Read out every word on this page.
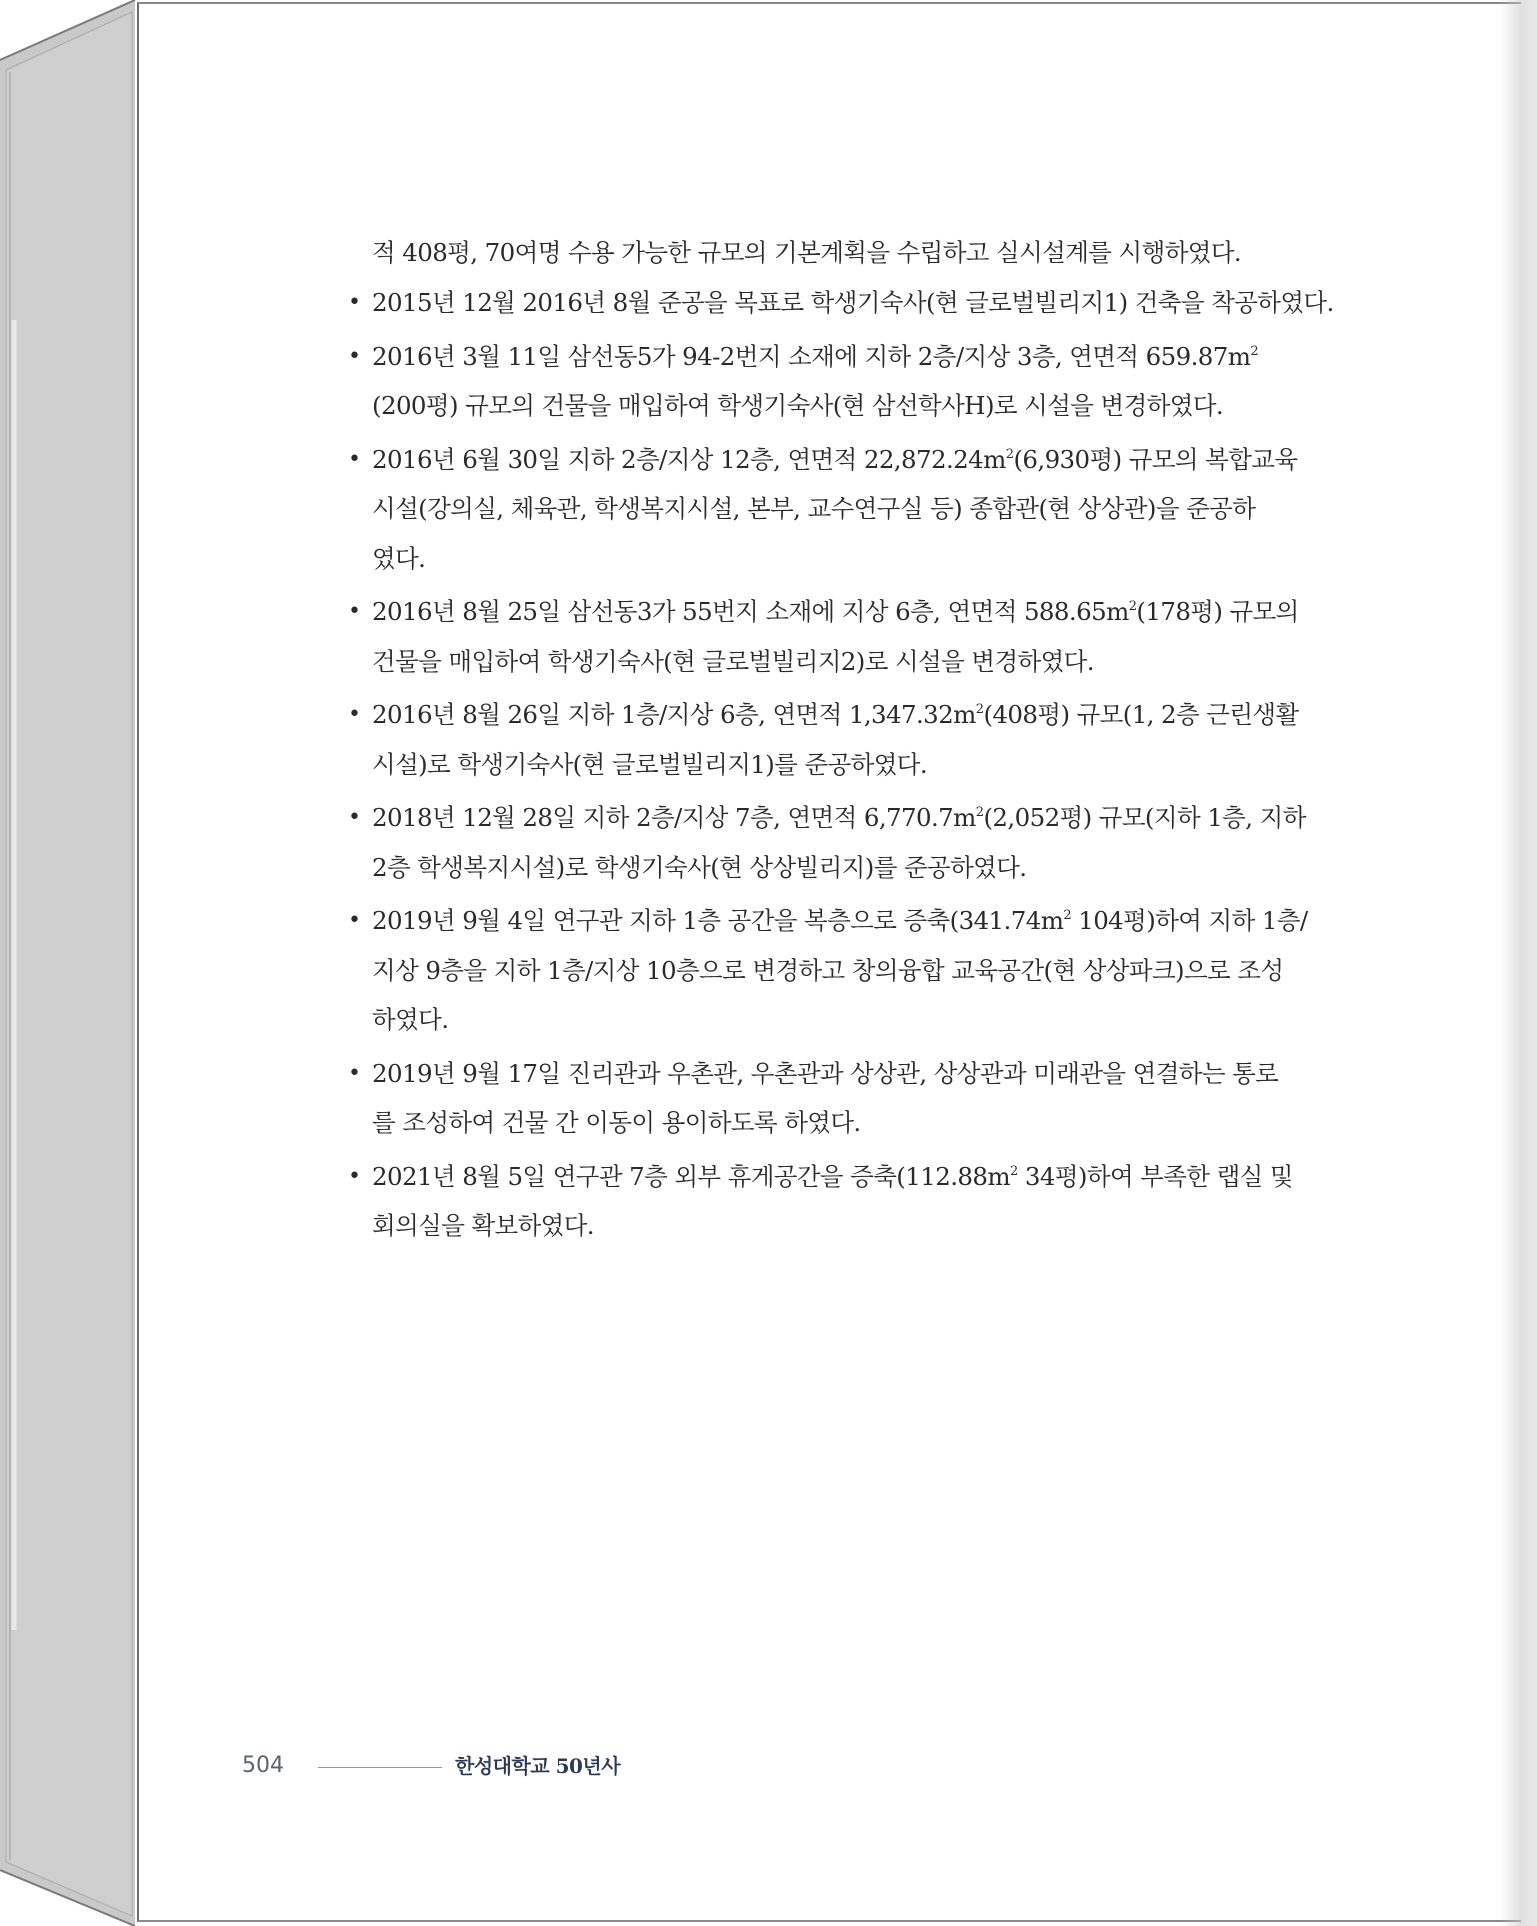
적 408평, 70여명 수용 가능한 규모의 기본계획을 수립하고 실시설계를 시행하였다.
• 2015년 12월 2016년 8월 준공을 목표로 학생기숙사(현 글로벌빌리지1) 건축을 착공하였다.
• 2016년 3월 11일 삼선동5가 94-2번지 소재에 지하 2층/지상 3층, 연면적 $659.87m^2$
(200평) 규모의 건물을 매입하여 학생기숙사(현 삼선학사H)로 시설을 변경하였다.
• 2016년 6월 30일 지하 2층/지상 12층, 연면적 $22,872.24m^2(6,930$평) 규모의 복합교육
시설(강의실, 체육관, 학생복지시설, 본부, 교수연구실 등) 종합관(현 상상관)을 준공하
였다.
• 2016년 8월 25일 삼선동3가 55번지 소재에 지상 6층, 연면적 $588.65m^2(178$평) 규모의
건물을 매입하여 학생기숙사(현 글로벌빌리지2)로 시설을 변경하였다.
• 2016년 8월 26일 지하 1층/지상 6층, 연면적 $1,347.32m^2(408$평) 규모(1, 2층 근린생활
시설)로 학생기숙사(현 글로벌빌리지1)를 준공하였다.
• 2018년 12월 28일 지하 2층/지상 7층, 연면적 $6,770.7m^2(2,052$평) 규모(지하 1층, 지하
2층 학생복지시설)로 학생기숙사(현 상상빌리지)를 준공하였다.
• 2019년 9월 4일 연구관 지하 1층 공간을 복층으로 증축($341.74m^2$ 104평)하여 지하 1층/
지상 9층을 지하 1층/지상 10층으로 변경하고 창의융합 교육공간(현 상상파크)으로 조성
하였다.
• 2019년 9월 17일 진리관과 우촌관, 우촌관과 상상관, 상상관과 미래관을 연결하는 통로
를 조성하여 건물 간 이동이 용이하도록 하였다.
• 2021년 8월 5일 연구관 7층 외부 휴게공간을 증축($112.88m^2$ 34평)하여 부족한 랩실 및
회의실을 확보하였다.
504	한성대학교 50년사
